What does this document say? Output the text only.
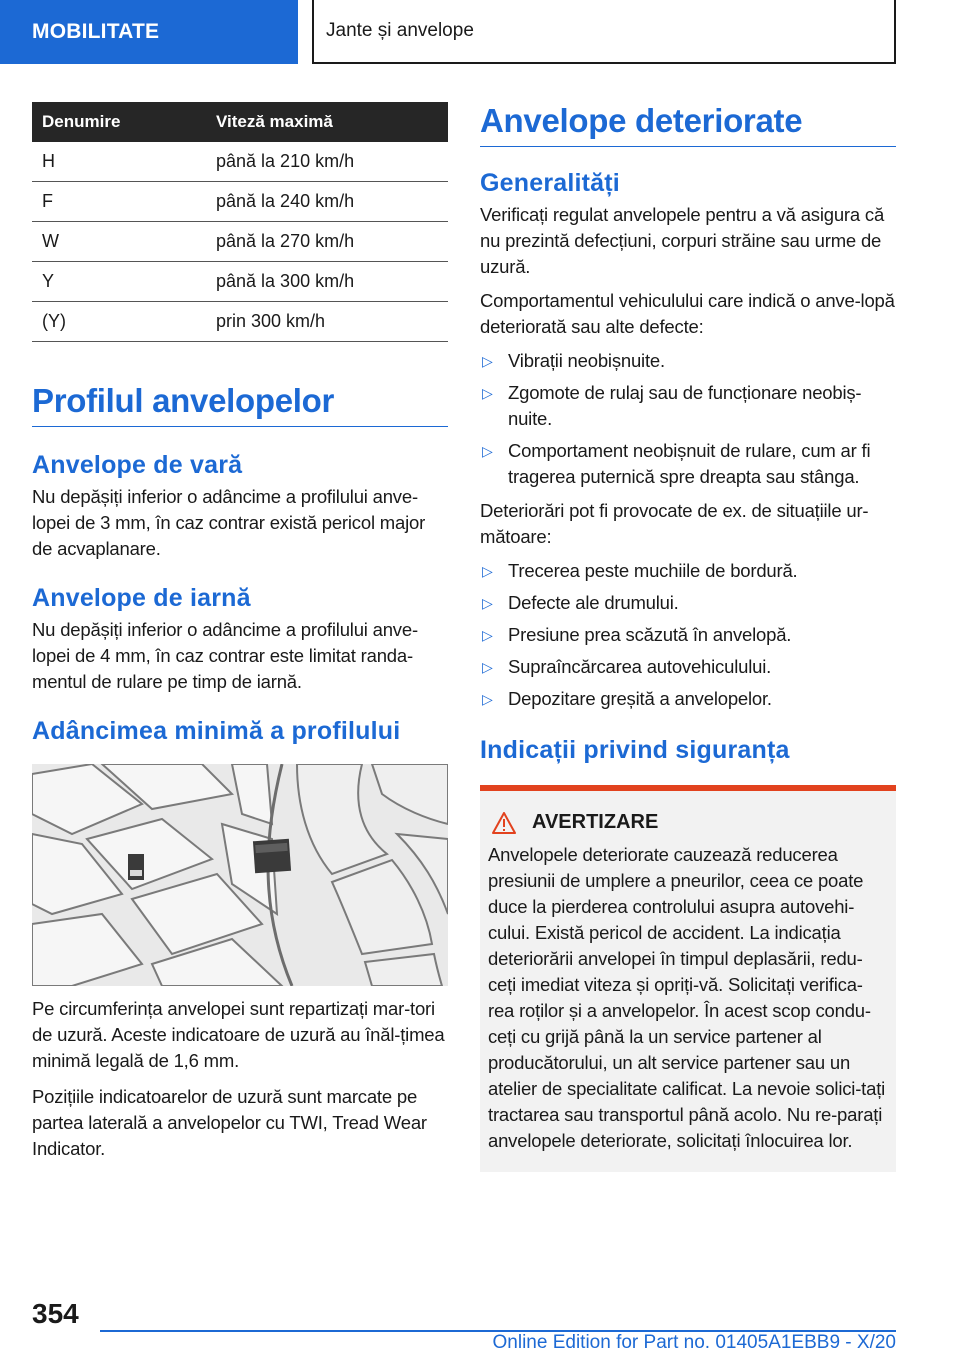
MOBILITATE	Jante și anvelope
Denumire	Viteză maximă
H	până la 210 km/h
F	până la 240 km/h
W	până la 270 km/h
Y	până la 300 km/h
(Y)	prin 300 km/h
Profilul anvelopelor
Anvelope de vară

Nu depășiți inferior o adâncime a profilului anve-lopei de 3 mm, în caz contrar există pericol major de acvaplanare.

Anvelope de iarnă

Nu depășiți inferior o adâncime a profilului anve-lopei de 4 mm, în caz contrar este limitat randa-mentul de rulare pe timp de iarnă.

Adâncimea minimă a profilului

Pe circumferința anvelopei sunt repartizați mar-tori de uzură. Aceste indicatoare de uzură au înăl-țimea minimă legală de 1,6 mm.

Pozițiile indicatoarelor de uzură sunt marcate pe partea laterală a anvelopelor cu TWI, Tread Wear Indicator.

Anvelope deteriorate
Generalități

Verificați regulat anvelopele pentru a vă asigura că nu prezintă defecțiuni, corpuri străine sau urme de uzură.

Comportamentul vehiculului care indică o anve-lopă deteriorată sau alte defecte:

▷ Vibrații neobișnuite.
▷ Zgomote de rulaj sau de funcționare neobiș-nuite.
▷ Comportament neobișnuit de rulare, cum ar fi tragerea puternică spre dreapta sau stânga.

Deteriorări pot fi provocate de ex. de situațiile ur-mătoare:

▷ Trecerea peste muchiile de bordură.
▷ Defecte ale drumului.
▷ Presiune prea scăzută în anvelopă.
▷ Supraîncărcarea autovehiculului.
▷ Depozitare greșită a anvelopelor.
Indicații privind siguranța
AVERTIZARE

Anvelopele deteriorate cauzează reducerea presiunii de umplere a pneurilor, ceea ce poate duce la pierderea controlului asupra autovehi-cului. Există pericol de accident. La indicația deteriorării anvelopei în timpul deplasării, redu-ceți imediat viteza și opriți-vă. Solicitați verifica-rea roților și a anvelopelor. În acest scop condu-ceți cu grijă până la un service partener al producătorului, un alt service partener sau un atelier de specialitate calificat. La nevoie solici-tați tractarea sau transportul până acolo. Nu re-parați anvelopele deteriorate, solicitați înlocuirea lor.

354
Online Edition for Part no. 01405A1EBB9 - X/20
